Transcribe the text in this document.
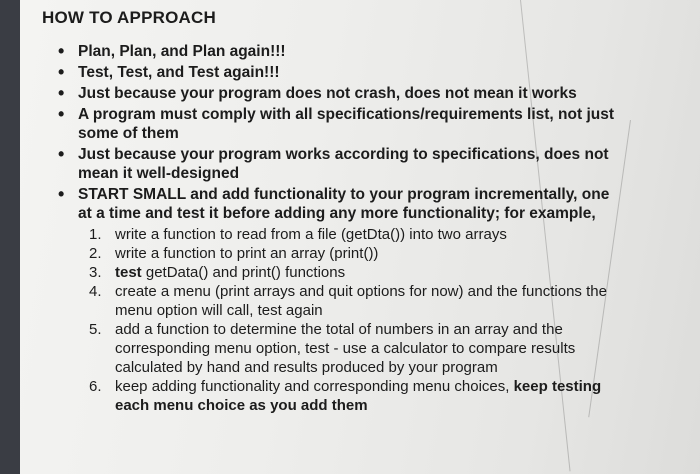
HOW TO APPROACH
• Plan, Plan, and Plan again!!!
• Test, Test, and Test again!!!
• Just because your program does not crash, does not mean it works
• A program must comply with all specifications/requirements list, not just
some of them
• Just because your program works according to specifications, does not
mean it well-designed
• START SMALL and add functionality to your program incrementally, one
at a time and test it before adding any more functionality; for example,
1. write a function to read from a file (getDta()) into two arrays
2. write a function to print an array (print())
3. test getData() and print() functions
4. create a menu (print arrays and quit options for now) and the functions the
menu option will call, test again
5. add a function to determine the total of numbers in an array and the
corresponding menu option, test - use a calculator to compare results
calculated by hand and results produced by your program
6. keep adding functionality and corresponding menu choices, keep testing
each menu choice as you add them
